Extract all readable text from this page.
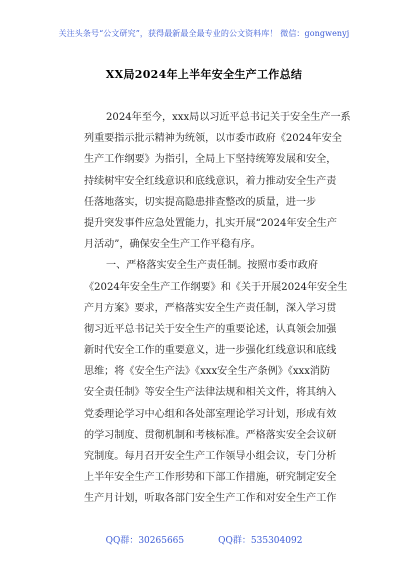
关注头条号“公文研究”，获得最新最全最专业的公文资料库！ 微信：gongwenyj
XX局2024年上半年安全生产工作总结
2024年至今，xxx局以习近平总书记关于安全生产一系
列重要指示批示精神为统领，以市委市政府《2024年安全
生产工作纲要》为指引，全局上下坚持统筹发展和安全，
持续树牢安全红线意识和底线意识，着力推动安全生产责
任落地落实，切实提高隐患排查整改的质量，进一步
提升突发事件应急处置能力，扎实开展“2024年安全生产
月活动”，确保安全生产工作平稳有序。
一、严格落实安全生产责任制。按照市委市政府
《2024年安全生产工作纲要》和《关于开展2024年安全生
产月方案》要求，严格落实安全生产责任制，深入学习贯
彻习近平总书记关于安全生产的重要论述，认真领会加强
新时代安全工作的重要意义，进一步强化红线意识和底线
思维；将《安全生产法》《xxx安全生产条例》《xxx消防
安全责任制》等安全生产法律法规和相关文件，将其纳入
党委理论学习中心组和各处部室理论学习计划，形成有效
的学习制度、贯彻机制和考核标准。严格落实安全会议研
究制度。每月召开安全生产工作领导小组会议，专门分析
上半年安全生产工作形势和下部工作措施，研究制定安全
生产月计划，听取各部门安全生产工作和对安全生产工作
QQ群：30265665	QQ群：535304092
